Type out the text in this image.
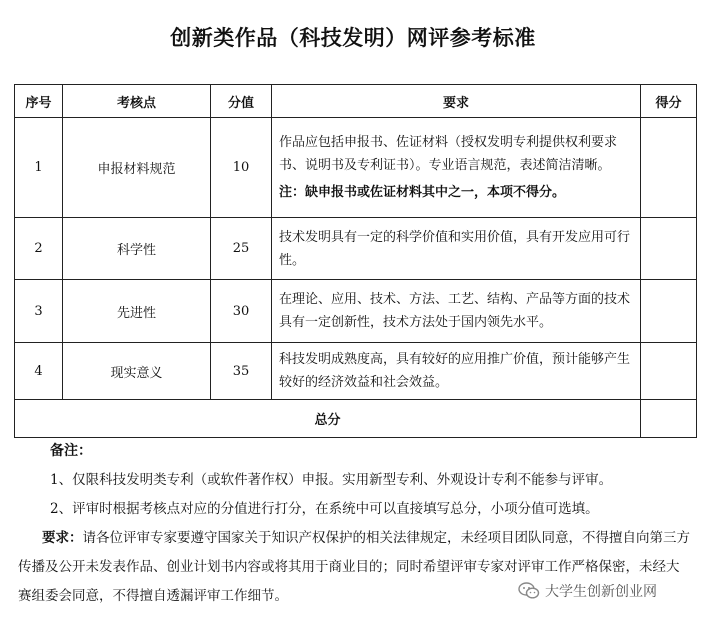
创新类作品（科技发明）网评参考标准
序号	考核点	分值	要求	得分
1	申报材料规范	10	作品应包括申报书、佐证材料（授权发明专利提供权利要求书、说明书及专利证书）。专业语言规范，表述简洁清晰。
注：缺申报书或佐证材料其中之一，本项不得分。	

2	科学性	25	技术发明具有一定的科学价值和实用价值，具有开发应用可行性。	
3	先进性	30	在理论、应用、技术、方法、工艺、结构、产品等方面的技术具有一定创新性，技术方法处于国内领先水平。	
4	现实意义	35	科技发明成熟度高，具有较好的应用推广价值，预计能够产生较好的经济效益和社会效益。	
总分				
备注：

1、仅限科技发明类专利（或软件著作权）申报。实用新型专利、外观设计专利不能参与评审。

2、评审时根据考核点对应的分值进行打分，在系统中可以直接填写总分，小项分值可选填。

要求：请各位评审专家要遵守国家关于知识产权保护的相关法律规定，未经项目团队同意，不得擅自向第三方传播及公开未发表作品、创业计划书内容或将其用于商业目的；同时希望评审专家对评审工作严格保密，未经大赛组委会同意，不得擅自透漏评审工作细节。	大学生创新创业网
